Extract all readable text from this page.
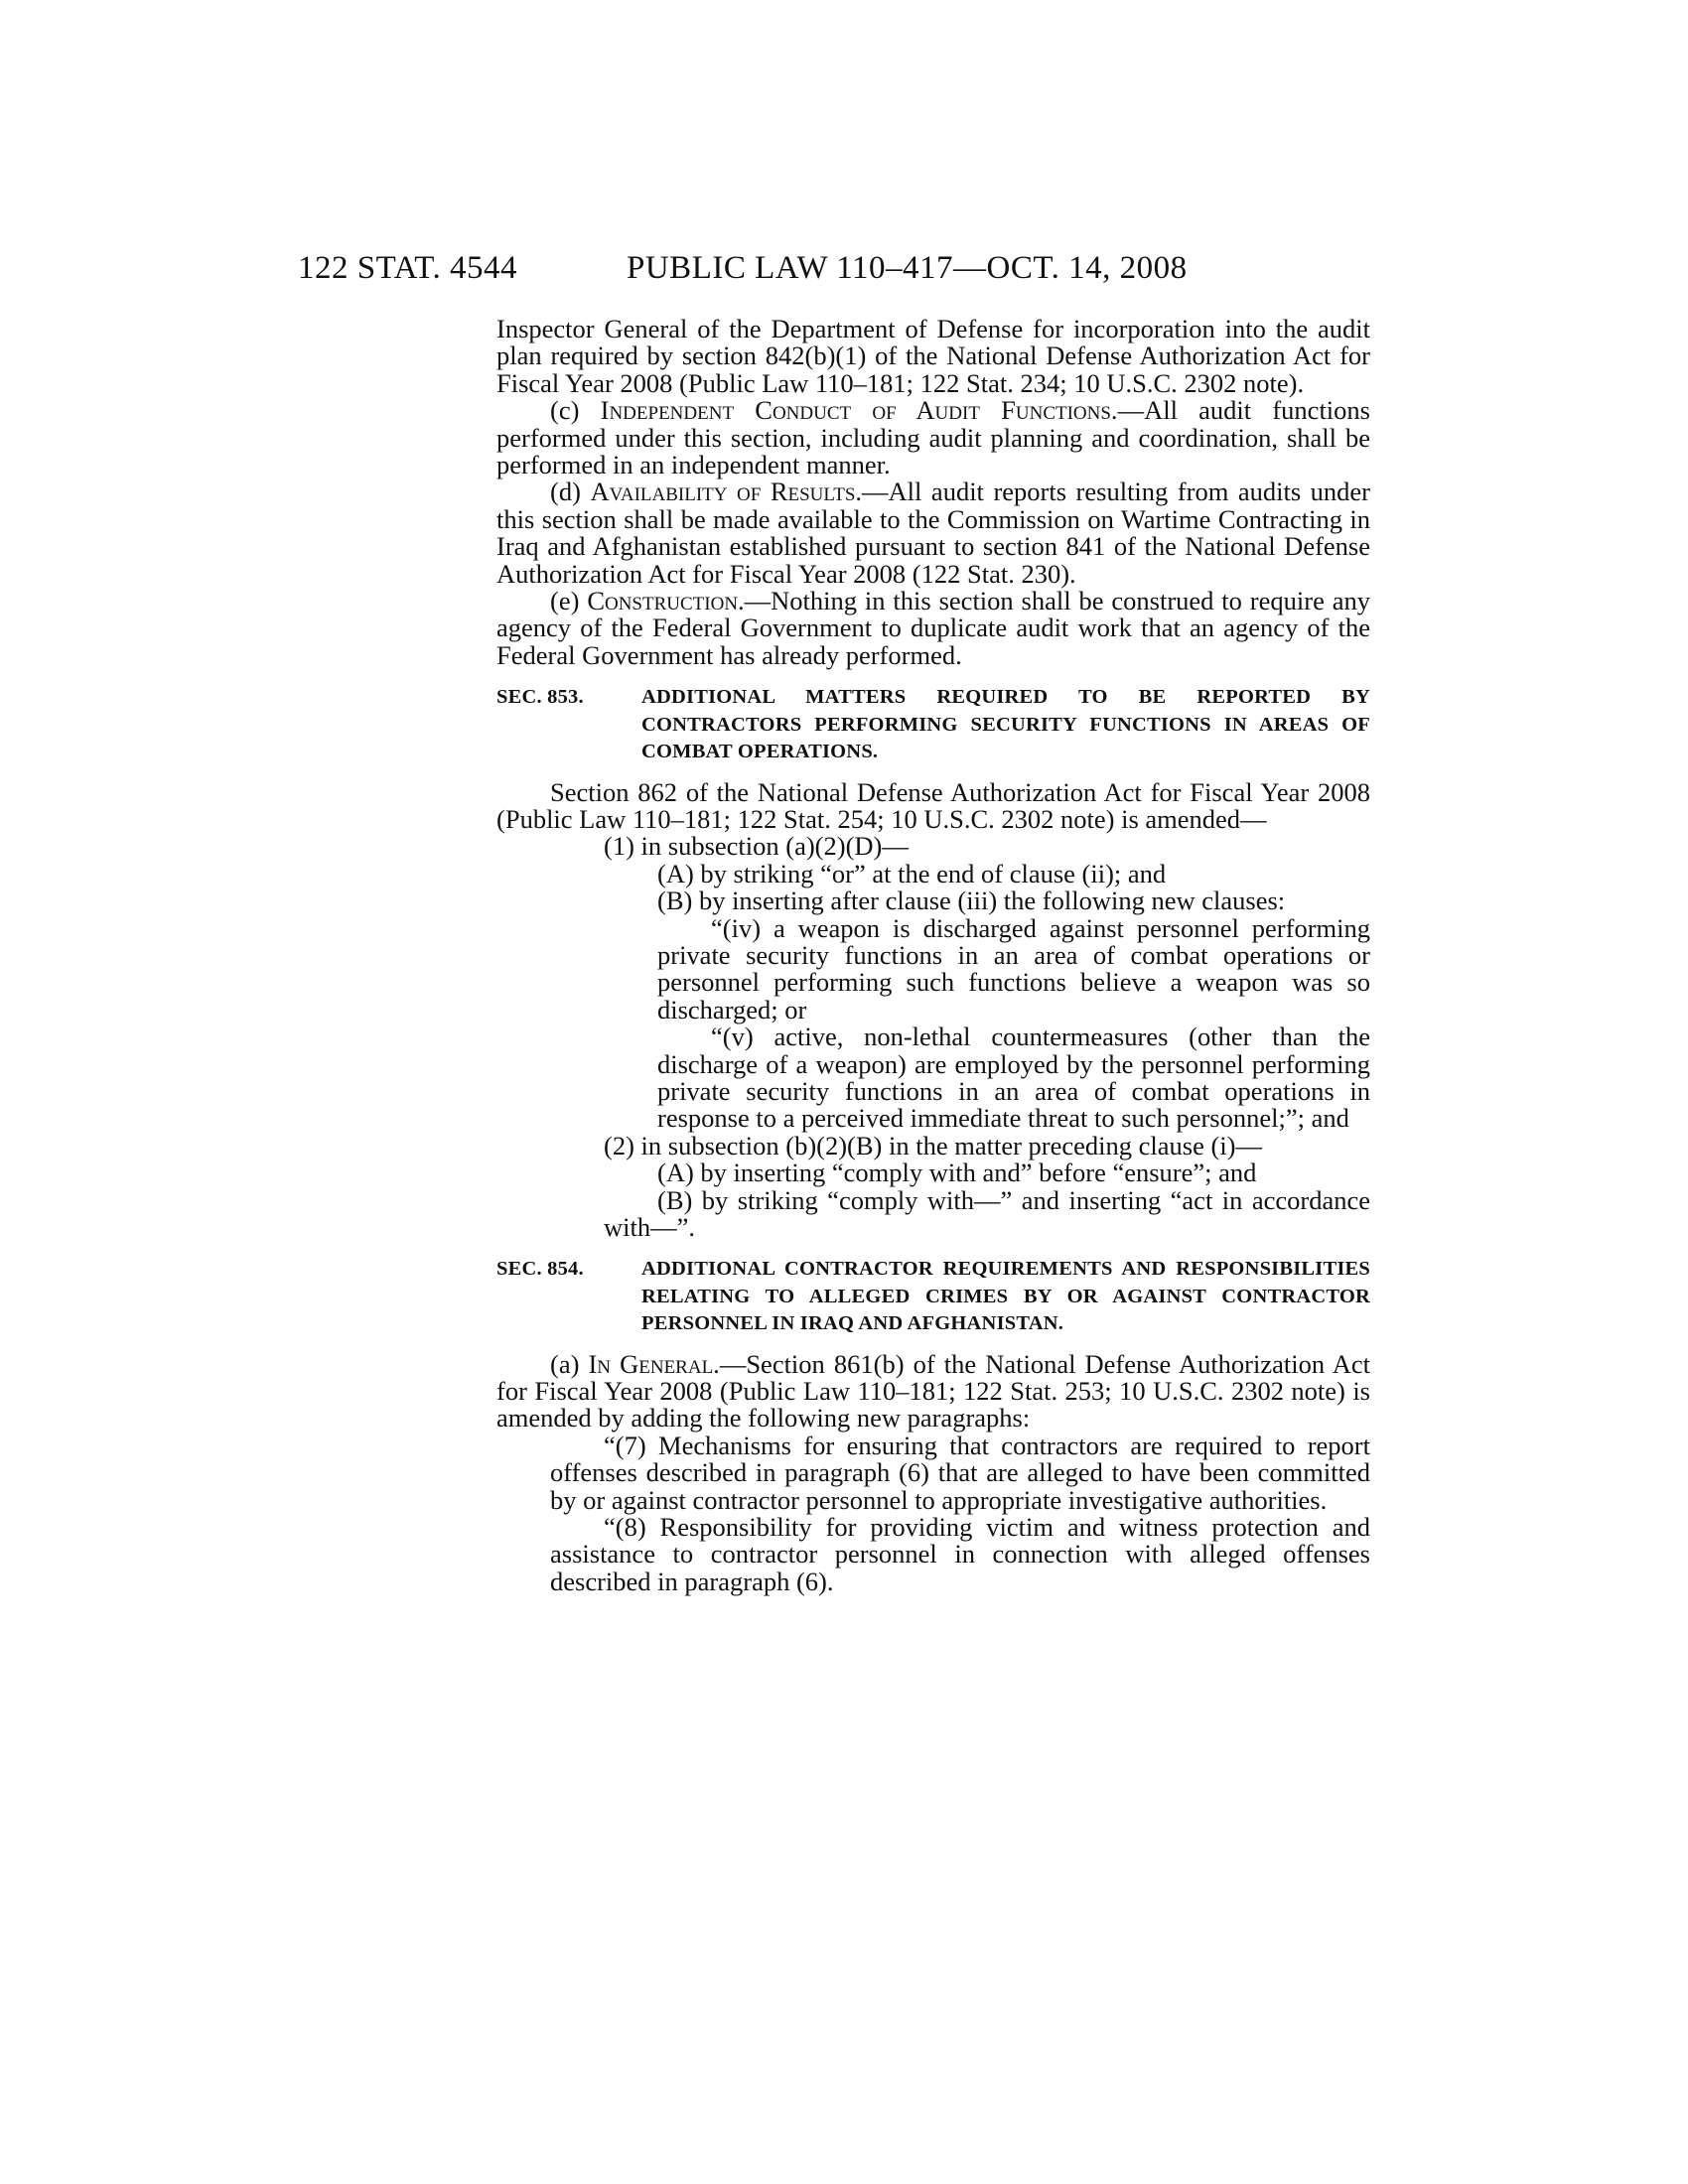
122 STAT. 4544	PUBLIC LAW 110–417—OCT. 14, 2008

Inspector General of the Department of Defense for incorporation into the audit plan required by section 842(b)(1) of the National Defense Authorization Act for Fiscal Year 2008 (Public Law 110–181; 122 Stat. 234; 10 U.S.C. 2302 note).

(c) Independent Conduct of Audit Functions.—All audit functions performed under this section, including audit planning and coordination, shall be performed in an independent manner.

(d) Availability of Results.—All audit reports resulting from audits under this section shall be made available to the Commission on Wartime Contracting in Iraq and Afghanistan established pursuant to section 841 of the National Defense Authorization Act for Fiscal Year 2008 (122 Stat. 230).

(e) Construction.—Nothing in this section shall be construed to require any agency of the Federal Government to duplicate audit work that an agency of the Federal Government has already performed.

SEC. 853.	ADDITIONAL MATTERS REQUIRED TO BE REPORTED BY CONTRACTORS PERFORMING SECURITY FUNCTIONS IN AREAS OF COMBAT OPERATIONS.

Section 862 of the National Defense Authorization Act for Fiscal Year 2008 (Public Law 110–181; 122 Stat. 254; 10 U.S.C. 2302 note) is amended—

(1) in subsection (a)(2)(D)—

(A) by striking “or” at the end of clause (ii); and

(B) by inserting after clause (iii) the following new clauses:

“(iv) a weapon is discharged against personnel performing private security functions in an area of combat operations or personnel performing such functions believe a weapon was so discharged; or

“(v) active, non-lethal countermeasures (other than the discharge of a weapon) are employed by the personnel performing private security functions in an area of combat operations in response to a perceived immediate threat to such personnel;”; and

(2) in subsection (b)(2)(B) in the matter preceding clause (i)—

(A) by inserting “comply with and” before “ensure”; and

(B) by striking “comply with—” and inserting “act in accordance with—”.

SEC. 854.	ADDITIONAL CONTRACTOR REQUIREMENTS AND RESPONSIBILITIES RELATING TO ALLEGED CRIMES BY OR AGAINST CONTRACTOR PERSONNEL IN IRAQ AND AFGHANISTAN.

(a) In General.—Section 861(b) of the National Defense Authorization Act for Fiscal Year 2008 (Public Law 110–181; 122 Stat. 253; 10 U.S.C. 2302 note) is amended by adding the following new paragraphs:

“(7) Mechanisms for ensuring that contractors are required to report offenses described in paragraph (6) that are alleged to have been committed by or against contractor personnel to appropriate investigative authorities.

“(8) Responsibility for providing victim and witness protection and assistance to contractor personnel in connection with alleged offenses described in paragraph (6).
